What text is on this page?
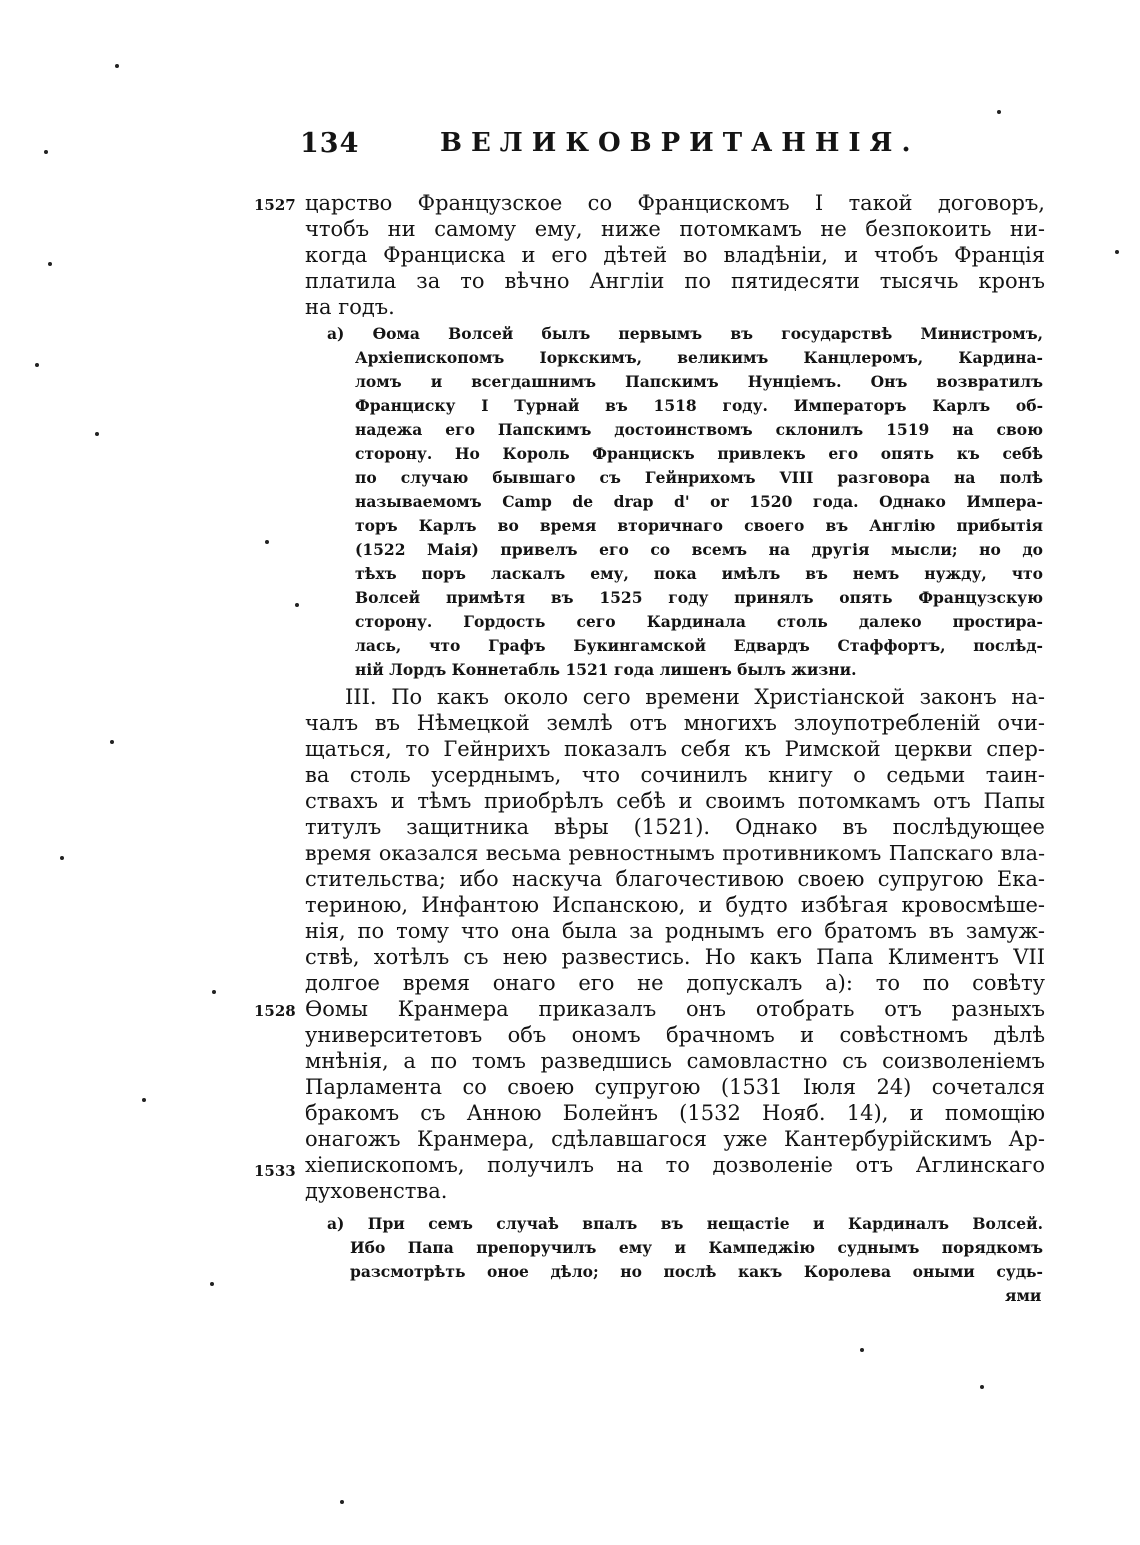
134	ВЕЛИКОВРИТАННІЯ.
1527
1528
1533
царство Французское со Францискомъ I такой договоръ,
чтобъ ни самому ему, ниже потомкамъ не безпокоить ни-
когда Франциска и его дѣтей во владѣніи, и чтобъ Франція
платила за то вѣчно Англіи по пятидесяти тысячь кронъ
на годъ.
a) Ѳома Волсей былъ первымъ въ государствѣ Министромъ,
Архіепископомъ Іоркскимъ, великимъ Канцлеромъ, Кардина-
ломъ и всегдашнимъ Папскимъ Нунціемъ. Онъ возвратилъ
Франциску I Турнай въ 1518 году. Императоръ Карлъ об-
надежа его Папскимъ достоинствомъ склонилъ 1519 на свою
сторону. Но Король Францискъ привлекъ его опять къ себѣ
по случаю бывшаго съ Гейнрихомъ VIII разговора на полѣ
называемомъ Camp de drap d' or 1520 года. Однако Импера-
торъ Карлъ во время вторичнаго своего въ Англію прибытія
(1522 Маія) привелъ его со всемъ на другія мысли; но до
тѣхъ поръ ласкалъ ему, пока имѣлъ въ немъ нужду, что
Волсей примѣтя въ 1525 году принялъ опять Французскую
сторону. Гордость сего Кардинала столь далеко простира-
лась, что Графъ Букингамской Едвардъ Стаффортъ, послѣд-
ній Лордъ Коннетабль 1521 года лишенъ былъ жизни.
III. По какъ около сего времени Христіанской законъ на-
чалъ въ Нѣмецкой землѣ отъ многихъ злоупотребленій очи-
щаться, то Гейнрихъ показалъ себя къ Римской церкви спер-
ва столь усерднымъ, что сочинилъ книгу о седьми таин-
ствахъ и тѣмъ приобрѣлъ себѣ и своимъ потомкамъ отъ Папы
титулъ защитника вѣры (1521). Однако въ послѣдующее
время оказался весьма ревностнымъ противникомъ Папскаго вла-
стительства; ибо наскуча благочестивою своею супругою Ека-
териною, Инфантою Испанскою, и будто избѣгая кровосмѣше-
нія, по тому что она была за роднымъ его братомъ въ замуж-
ствѣ, хотѣлъ съ нею развестись. Но какъ Папа Климентъ VII
долгое время онаго его не допускалъ a): то по совѣту
Ѳомы Кранмера приказалъ онъ отобрать отъ разныхъ
университетовъ объ ономъ брачномъ и совѣстномъ дѣлѣ
мнѣнія, а по томъ разведшись самовластно съ соизволеніемъ
Парламента со своею супругою (1531 Іюля 24) сочетался
бракомъ съ Анною Болейнъ (1532 Нояб. 14), и помощію
онагожъ Кранмера, сдѣлавшагося уже Кантербурійскимъ Ар-
хіепископомъ, получилъ на то дозволеніе отъ Аглинскаго
духовенства.
a) При семъ случаѣ впалъ въ нещастіе и Кардиналъ Волсей.
Ибо Папа препоручилъ ему и Кампеджію суднымъ порядкомъ
разсмотрѣть оное дѣло; но послѣ какъ Королева оными судь-
ями
